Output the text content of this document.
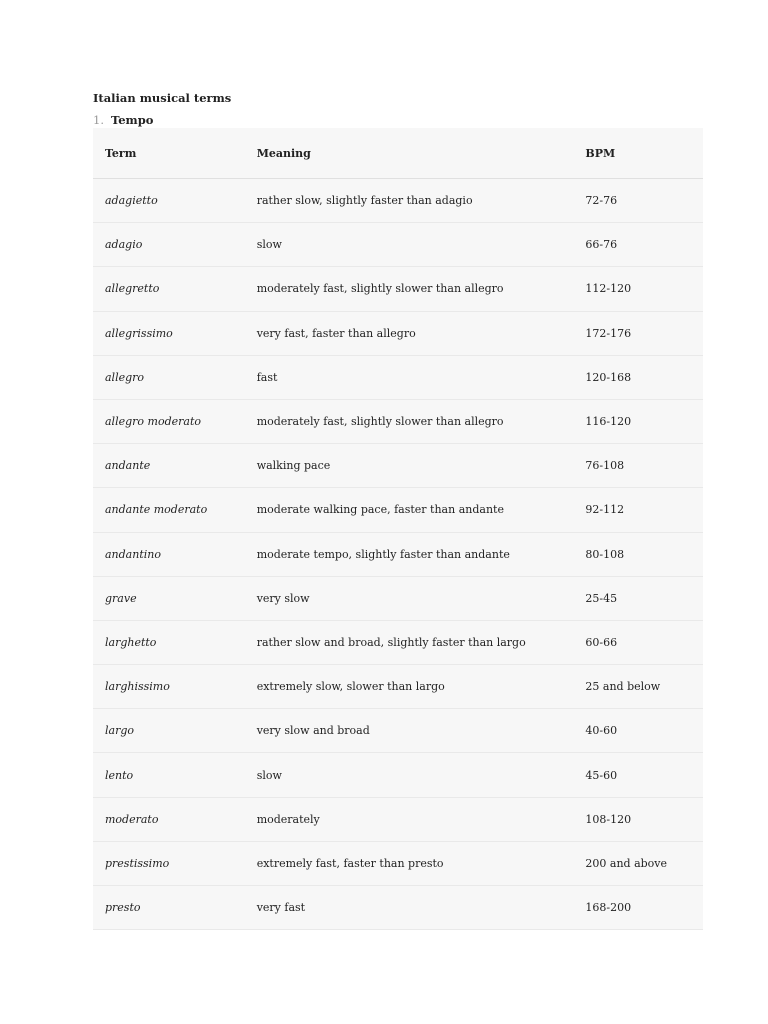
Italian musical terms
1. Tempo
Term	Meaning	BPM
adagietto	rather slow, slightly faster than adagio	72-76
adagio	slow	66-76
allegretto	moderately fast, slightly slower than allegro	112-120
allegrissimo	very fast, faster than allegro	172-176
allegro	fast	120-168
allegro moderato	moderately fast, slightly slower than allegro	116-120
andante	walking pace	76-108
andante moderato	moderate walking pace, faster than andante	92-112
andantino	moderate tempo, slightly faster than andante	80-108
grave	very slow	25-45
larghetto	rather slow and broad, slightly faster than largo	60-66
larghissimo	extremely slow, slower than largo	25 and below
largo	very slow and broad	40-60
lento	slow	45-60
moderato	moderately	108-120
prestissimo	extremely fast, faster than presto	200 and above
presto	very fast	168-200
